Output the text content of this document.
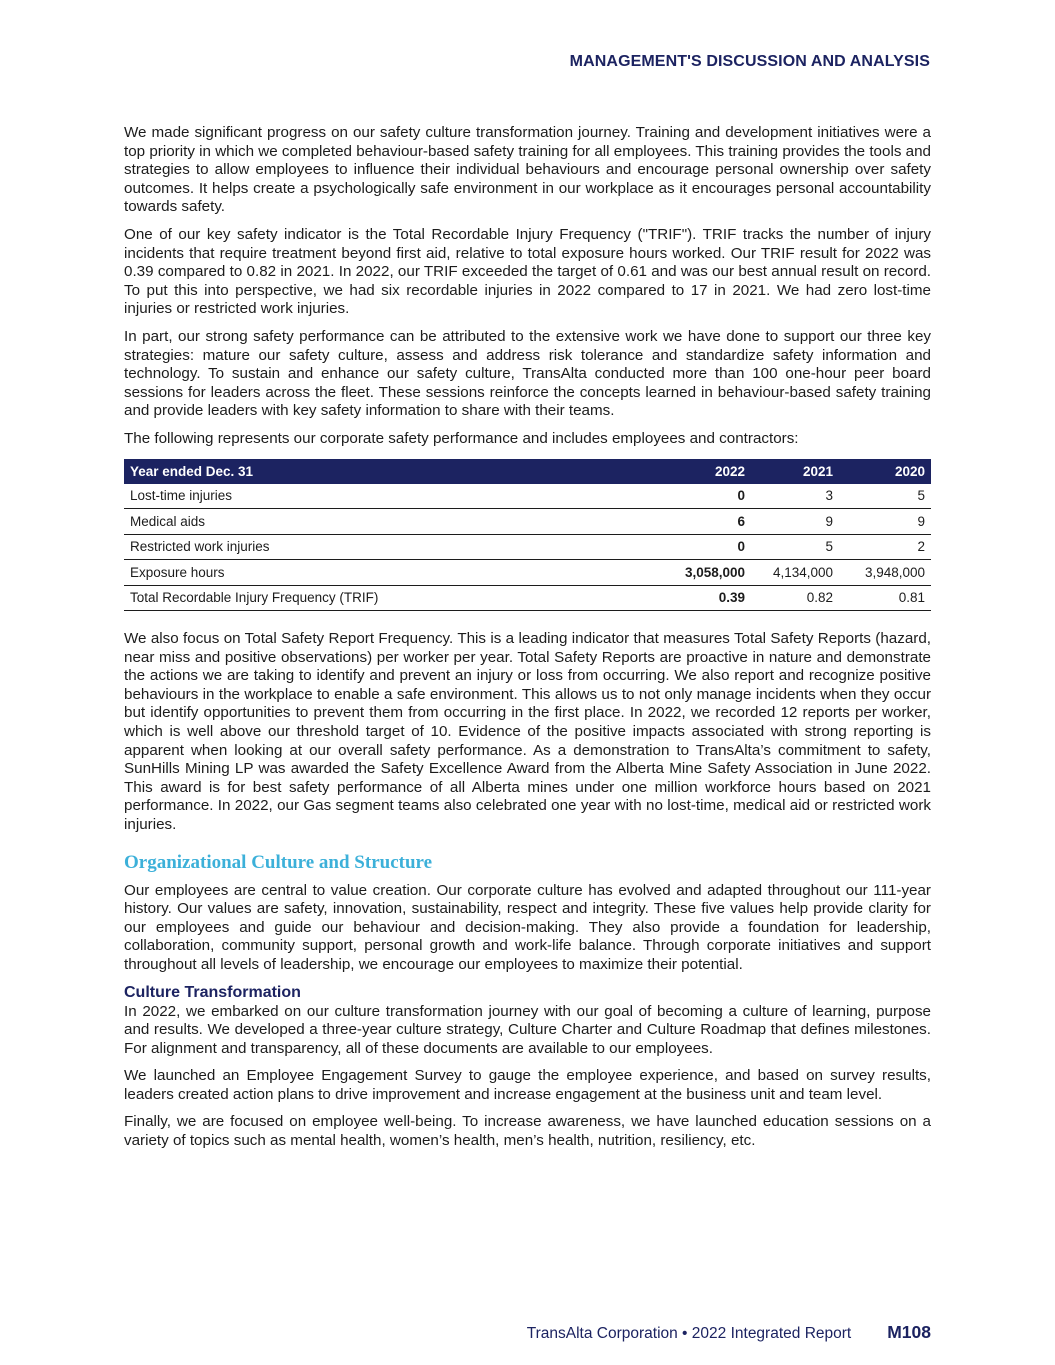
MANAGEMENT'S DISCUSSION AND ANALYSIS

We made significant progress on our safety culture transformation journey. Training and development initiatives were a top priority in which we completed behaviour-based safety training for all employees. This training provides the tools and strategies to allow employees to influence their individual behaviours and encourage personal ownership over safety outcomes. It helps create a psychologically safe environment in our workplace as it encourages personal accountability towards safety.

One of our key safety indicator is the Total Recordable Injury Frequency ("TRIF"). TRIF tracks the number of injury incidents that require treatment beyond first aid, relative to total exposure hours worked. Our TRIF result for 2022 was 0.39 compared to 0.82 in 2021. In 2022, our TRIF exceeded the target of 0.61 and was our best annual result on record. To put this into perspective, we had six recordable injuries in 2022 compared to 17 in 2021. We had zero lost-time injuries or restricted work injuries.

In part, our strong safety performance can be attributed to the extensive work we have done to support our three key strategies: mature our safety culture, assess and address risk tolerance and standardize safety information and technology. To sustain and enhance our safety culture, TransAlta conducted more than 100 one-hour peer board sessions for leaders across the fleet. These sessions reinforce the concepts learned in behaviour-based safety training and provide leaders with key safety information to share with their teams.

The following represents our corporate safety performance and includes employees and contractors:

Year ended Dec. 31	2022	2021	2020
Lost-time injuries	0	3	5
Medical aids	6	9	9
Restricted work injuries	0	5	2
Exposure hours	3,058,000	4,134,000	3,948,000
Total Recordable Injury Frequency (TRIF)	0.39	0.82	0.81

We also focus on Total Safety Report Frequency. This is a leading indicator that measures Total Safety Reports (hazard, near miss and positive observations) per worker per year. Total Safety Reports are proactive in nature and demonstrate the actions we are taking to identify and prevent an injury or loss from occurring. We also report and recognize positive behaviours in the workplace to enable a safe environment. This allows us to not only manage incidents when they occur but identify opportunities to prevent them from occurring in the first place. In 2022, we recorded 12 reports per worker, which is well above our threshold target of 10. Evidence of the positive impacts associated with strong reporting is apparent when looking at our overall safety performance. As a demonstration to TransAlta’s commitment to safety, SunHills Mining LP was awarded the Safety Excellence Award from the Alberta Mine Safety Association in June 2022. This award is for best safety performance of all Alberta mines under one million workforce hours based on 2021 performance. In 2022, our Gas segment teams also celebrated one year with no lost-time, medical aid or restricted work injuries.

Organizational Culture and Structure

Our employees are central to value creation. Our corporate culture has evolved and adapted throughout our 111-year history. Our values are safety, innovation, sustainability, respect and integrity. These five values help provide clarity for our employees and guide our behaviour and decision-making. They also provide a foundation for leadership, collaboration, community support, personal growth and work-life balance. Through corporate initiatives and support throughout all levels of leadership, we encourage our employees to maximize their potential.

Culture Transformation

In 2022, we embarked on our culture transformation journey with our goal of becoming a culture of learning, purpose and results. We developed a three-year culture strategy, Culture Charter and Culture Roadmap that defines milestones. For alignment and transparency, all of these documents are available to our employees.

We launched an Employee Engagement Survey to gauge the employee experience, and based on survey results, leaders created action plans to drive improvement and increase engagement at the business unit and team level.

Finally, we are focused on employee well-being. To increase awareness, we have launched education sessions on a variety of topics such as mental health, women’s health, men’s health, nutrition, resiliency, etc.

TransAlta Corporation • 2022 Integrated Report M108
